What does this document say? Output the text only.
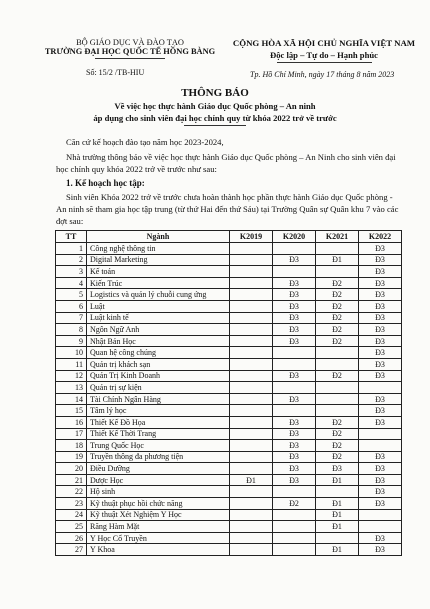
BỘ GIÁO DỤC VÀ ĐÀO TẠO
TRƯỜNG ĐẠI HỌC QUỐC TẾ HỒNG BÀNG
CỘNG HÒA XÃ HỘI CHỦ NGHĨA VIỆT NAM
Độc lập – Tự do – Hạnh phúc
Số: 15/2 /TB-HIU	Tp. Hồ Chí Minh, ngày 17 tháng 8 năm 2023
THÔNG BÁO
Về việc học thực hành Giáo dục Quốc phòng – An ninh
áp dụng cho sinh viên đại học chính quy từ khóa 2022 trở về trước
Căn cứ kế hoạch đào tạo năm học 2023-2024,
Nhà trường thông báo về việc học thực hành Giáo dục Quốc phòng – An Ninh cho sinh viên đại học chính quy khóa 2022 trở về trước như sau:
1. Kế hoạch học tập:
Sinh viên Khóa 2022 trở về trước chưa hoàn thành học phần thực hành Giáo dục Quốc phòng - An ninh sẽ tham gia học tập trung (từ thứ Hai đến thứ Sáu) tại Trường Quân sự Quân khu 7 vào các đợt sau:
TT	Ngành	K2019	K2020	K2021	K2022
1	Công nghệ thông tin				Đ3
2	Digital Marketing		Đ3	Đ1	Đ3
3	Kế toán				Đ3
4	Kiến Trúc		Đ3	Đ2	Đ3
5	Logistics và quản lý chuỗi cung ứng		Đ3	Đ2	Đ3
6	Luật		Đ3	Đ2	Đ3
7	Luật kinh tế		Đ3	Đ2	Đ3
8	Ngôn Ngữ Anh		Đ3	Đ2	Đ3
9	Nhật Bản Học		Đ3	Đ2	Đ3
10	Quan hệ công chúng				Đ3
11	Quản trị khách sạn				Đ3
12	Quản Trị Kinh Doanh		Đ3	Đ2	Đ3
13	Quản trị sự kiện				
14	Tài Chính Ngân Hàng		Đ3		Đ3
15	Tâm lý học				Đ3
16	Thiết Kế Đồ Họa		Đ3	Đ2	Đ3
17	Thiết Kế Thời Trang		Đ3	Đ2	
18	Trung Quốc Học		Đ3	Đ2	
19	Truyền thông đa phương tiện		Đ3	Đ2	Đ3
20	Điều Dưỡng		Đ3	Đ3	Đ3
21	Dược Học	Đ1	Đ3	Đ1	Đ3
22	Hộ sinh				Đ3
23	Kỹ thuật phục hồi chức năng		Đ2	Đ1	Đ3
24	Kỹ thuật Xét Nghiệm Y Học			Đ1	
25	Răng Hàm Mặt			Đ1	
26	Y Học Cổ Truyền				Đ3
27	Y Khoa			Đ1	Đ3
